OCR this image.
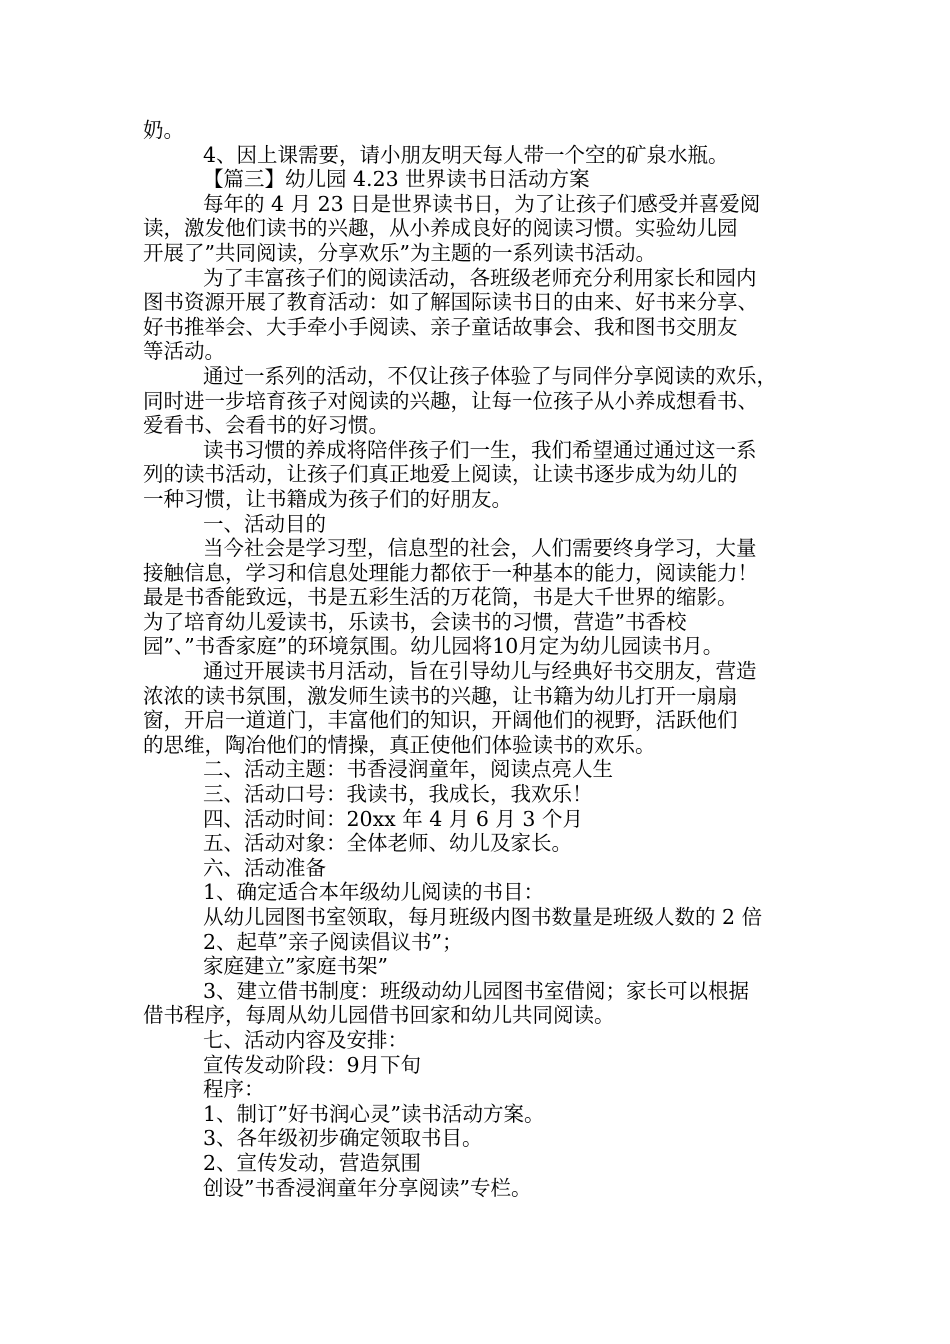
奶。
4、因上课需要，请小朋友明天每人带一个空的矿泉水瓶。
【篇三】幼儿园 4.23 世界读书日活动方案
每年的 4 月 23 日是世界读书日，为了让孩子们感受并喜爱阅
读，激发他们读书的兴趣，从小养成良好的阅读习惯。实验幼儿园
开展了”共同阅读，分享欢乐”为主题的一系列读书活动。
为了丰富孩子们的阅读活动，各班级老师充分利用家长和园内
图书资源开展了教育活动：如了解国际读书日的由来、好书来分享、
好书推举会、大手牵小手阅读、亲子童话故事会、我和图书交朋友
等活动。
通过一系列的活动，不仅让孩子体验了与同伴分享阅读的欢乐，
同时进一步培育孩子对阅读的兴趣，让每一位孩子从小养成想看书、
爱看书、会看书的好习惯。
读书习惯的养成将陪伴孩子们一生，我们希望通过通过这一系
列的读书活动，让孩子们真正地爱上阅读，让读书逐步成为幼儿的
一种习惯，让书籍成为孩子们的好朋友。
一、活动目的
当今社会是学习型，信息型的社会，人们需要终身学习，大量
接触信息，学习和信息处理能力都依于一种基本的能力，阅读能力！
最是书香能致远，书是五彩生活的万花筒，书是大千世界的缩影。
为了培育幼儿爱读书，乐读书，会读书的习惯，营造”书香校
园”、”书香家庭”的环境氛围。幼儿园将10月定为幼儿园读书月。
通过开展读书月活动，旨在引导幼儿与经典好书交朋友，营造
浓浓的读书氛围，激发师生读书的兴趣，让书籍为幼儿打开一扇扇
窗，开启一道道门，丰富他们的知识，开阔他们的视野，活跃他们
的思维，陶冶他们的情操，真正使他们体验读书的欢乐。
二、活动主题：书香浸润童年，阅读点亮人生
三、活动口号：我读书，我成长，我欢乐！
四、活动时间：20xx 年 4 月 6 月 3 个月
五、活动对象：全体老师、幼儿及家长。
六、活动准备
1、确定适合本年级幼儿阅读的书目：
从幼儿园图书室领取，每月班级内图书数量是班级人数的 2 倍
2、起草”亲子阅读倡议书”；
家庭建立”家庭书架”
3、建立借书制度：班级动幼儿园图书室借阅；家长可以根据
借书程序，每周从幼儿园借书回家和幼儿共同阅读。
七、活动内容及安排：
宣传发动阶段：9月下旬
程序：
1、制订”好书润心灵”读书活动方案。
3、各年级初步确定领取书目。
2、宣传发动，营造氛围
创设”书香浸润童年分享阅读”专栏。
